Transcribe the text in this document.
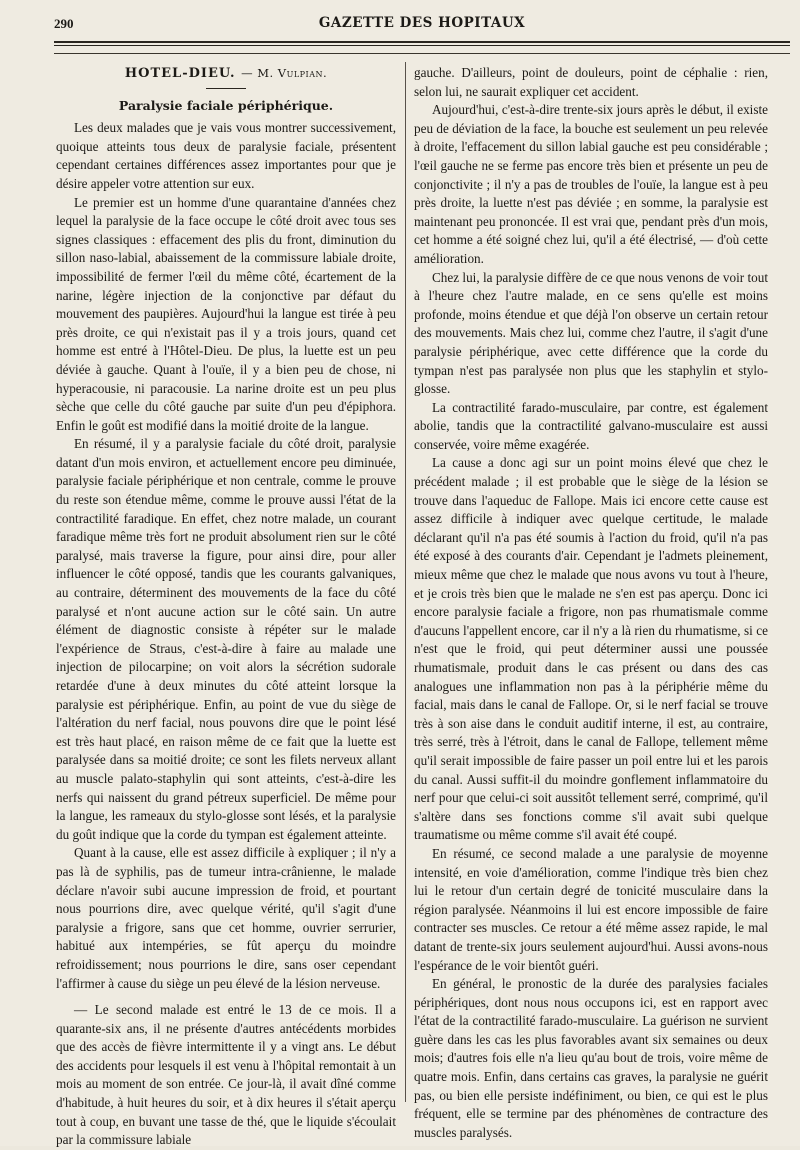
290	GAZETTE DES HOPITAUX

HOTEL-DIEU. — M. Vulpian.

Paralysie faciale périphérique.

Les deux malades que je vais vous montrer successivement, quoique atteints tous deux de paralysie faciale, présentent cependant certaines différences assez importantes pour que je désire appeler votre attention sur eux.

Le premier est un homme d'une quarantaine d'années chez lequel la paralysie de la face occupe le côté droit avec tous ses signes classiques : effacement des plis du front, diminution du sillon naso-labial, abaissement de la commissure labiale droite, impossibilité de fermer l'œil du même côté, écartement de la narine, légère injection de la conjonctive par défaut du mouvement des paupières. Aujourd'hui la langue est tirée à peu près droite, ce qui n'existait pas il y a trois jours, quand cet homme est entré à l'Hôtel-Dieu. De plus, la luette est un peu déviée à gauche. Quant à l'ouïe, il y a bien peu de chose, ni hyperacousie, ni paracousie. La narine droite est un peu plus sèche que celle du côté gauche par suite d'un peu d'épiphora. Enfin le goût est modifié dans la moitié droite de la langue.

En résumé, il y a paralysie faciale du côté droit, paralysie datant d'un mois environ, et actuellement encore peu diminuée, paralysie faciale périphérique et non centrale, comme le prouve du reste son étendue même, comme le prouve aussi l'état de la contractilité faradique. En effet, chez notre malade, un courant faradique même très fort ne produit absolument rien sur le côté paralysé, mais traverse la figure, pour ainsi dire, pour aller influencer le côté opposé, tandis que les courants galvaniques, au contraire, déterminent des mouvements de la face du côté paralysé et n'ont aucune action sur le côté sain. Un autre élément de diagnostic consiste à répéter sur le malade l'expérience de Straus, c'est-à-dire à faire au malade une injection de pilocarpine; on voit alors la sécrétion sudorale retardée d'une à deux minutes du côté atteint lorsque la paralysie est périphérique. Enfin, au point de vue du siège de l'altération du nerf facial, nous pouvons dire que le point lésé est très haut placé, en raison même de ce fait que la luette est paralysée dans sa moitié droite; ce sont les filets nerveux allant au muscle palato-staphylin qui sont atteints, c'est-à-dire les nerfs qui naissent du grand pétreux superficiel. De même pour la langue, les rameaux du stylo-glosse sont lésés, et la paralysie du goût indique que la corde du tympan est également atteinte.

Quant à la cause, elle est assez difficile à expliquer ; il n'y a pas là de syphilis, pas de tumeur intra-crânienne, le malade déclare n'avoir subi aucune impression de froid, et pourtant nous pourrions dire, avec quelque vérité, qu'il s'agit d'une paralysie a frigore, sans que cet homme, ouvrier serrurier, habitué aux intempéries, se fût aperçu du moindre refroidissement; nous pourrions le dire, sans oser cependant l'affirmer à cause du siège un peu élevé de la lésion nerveuse.

— Le second malade est entré le 13 de ce mois. Il a quarante-six ans, il ne présente d'autres antécédents morbides que des accès de fièvre intermittente il y a vingt ans. Le début des accidents pour lesquels il est venu à l'hôpital remontait à un mois au moment de son entrée. Ce jour-là, il avait dîné comme d'habitude, à huit heures du soir, et à dix heures il s'était aperçu tout à coup, en buvant une tasse de thé, que le liquide s'écoulait par la commissure labiale

gauche. D'ailleurs, point de douleurs, point de céphalie : rien, selon lui, ne saurait expliquer cet accident.

Aujourd'hui, c'est-à-dire trente-six jours après le début, il existe peu de déviation de la face, la bouche est seulement un peu relevée à droite, l'effacement du sillon labial gauche est peu considérable ; l'œil gauche ne se ferme pas encore très bien et présente un peu de conjonctivite ; il n'y a pas de troubles de l'ouïe, la langue est à peu près droite, la luette n'est pas déviée ; en somme, la paralysie est maintenant peu prononcée. Il est vrai que, pendant près d'un mois, cet homme a été soigné chez lui, qu'il a été électrisé, — d'où cette amélioration.

Chez lui, la paralysie diffère de ce que nous venons de voir tout à l'heure chez l'autre malade, en ce sens qu'elle est moins profonde, moins étendue et que déjà l'on observe un certain retour des mouvements. Mais chez lui, comme chez l'autre, il s'agit d'une paralysie périphérique, avec cette différence que la corde du tympan n'est pas paralysée non plus que les staphylin et stylo-glosse.

La contractilité farado-musculaire, par contre, est également abolie, tandis que la contractilité galvano-musculaire est aussi conservée, voire même exagérée.

La cause a donc agi sur un point moins élevé que chez le précédent malade ; il est probable que le siège de la lésion se trouve dans l'aqueduc de Fallope. Mais ici encore cette cause est assez difficile à indiquer avec quelque certitude, le malade déclarant qu'il n'a pas été soumis à l'action du froid, qu'il n'a pas été exposé à des courants d'air. Cependant je l'admets pleinement, mieux même que chez le malade que nous avons vu tout à l'heure, et je crois très bien que le malade ne s'en est pas aperçu. Donc ici encore paralysie faciale a frigore, non pas rhumatismale comme d'aucuns l'appellent encore, car il n'y a là rien du rhumatisme, si ce n'est que le froid, qui peut déterminer aussi une poussée rhumatismale, produit dans le cas présent ou dans des cas analogues une inflammation non pas à la périphérie même du facial, mais dans le canal de Fallope. Or, si le nerf facial se trouve très à son aise dans le conduit auditif interne, il est, au contraire, très serré, très à l'étroit, dans le canal de Fallope, tellement même qu'il serait impossible de faire passer un poil entre lui et les parois du canal. Aussi suffit-il du moindre gonflement inflammatoire du nerf pour que celui-ci soit aussitôt tellement serré, comprimé, qu'il s'altère dans ses fonctions comme s'il avait subi quelque traumatisme ou même comme s'il avait été coupé.

En résumé, ce second malade a une paralysie de moyenne intensité, en voie d'amélioration, comme l'indique très bien chez lui le retour d'un certain degré de tonicité musculaire dans la région paralysée. Néanmoins il lui est encore impossible de faire contracter ses muscles. Ce retour a été même assez rapide, le mal datant de trente-six jours seulement aujourd'hui. Aussi avons-nous l'espérance de le voir bientôt guéri.

En général, le pronostic de la durée des paralysies faciales périphériques, dont nous nous occupons ici, est en rapport avec l'état de la contractilité farado-musculaire. La guérison ne survient guère dans les cas les plus favorables avant six semaines ou deux mois; d'autres fois elle n'a lieu qu'au bout de trois, voire même de quatre mois. Enfin, dans certains cas graves, la paralysie ne guérit pas, ou bien elle persiste indéfiniment, ou bien, ce qui est le plus fréquent, elle se termine par des phénomènes de contracture des muscles paralysés.
